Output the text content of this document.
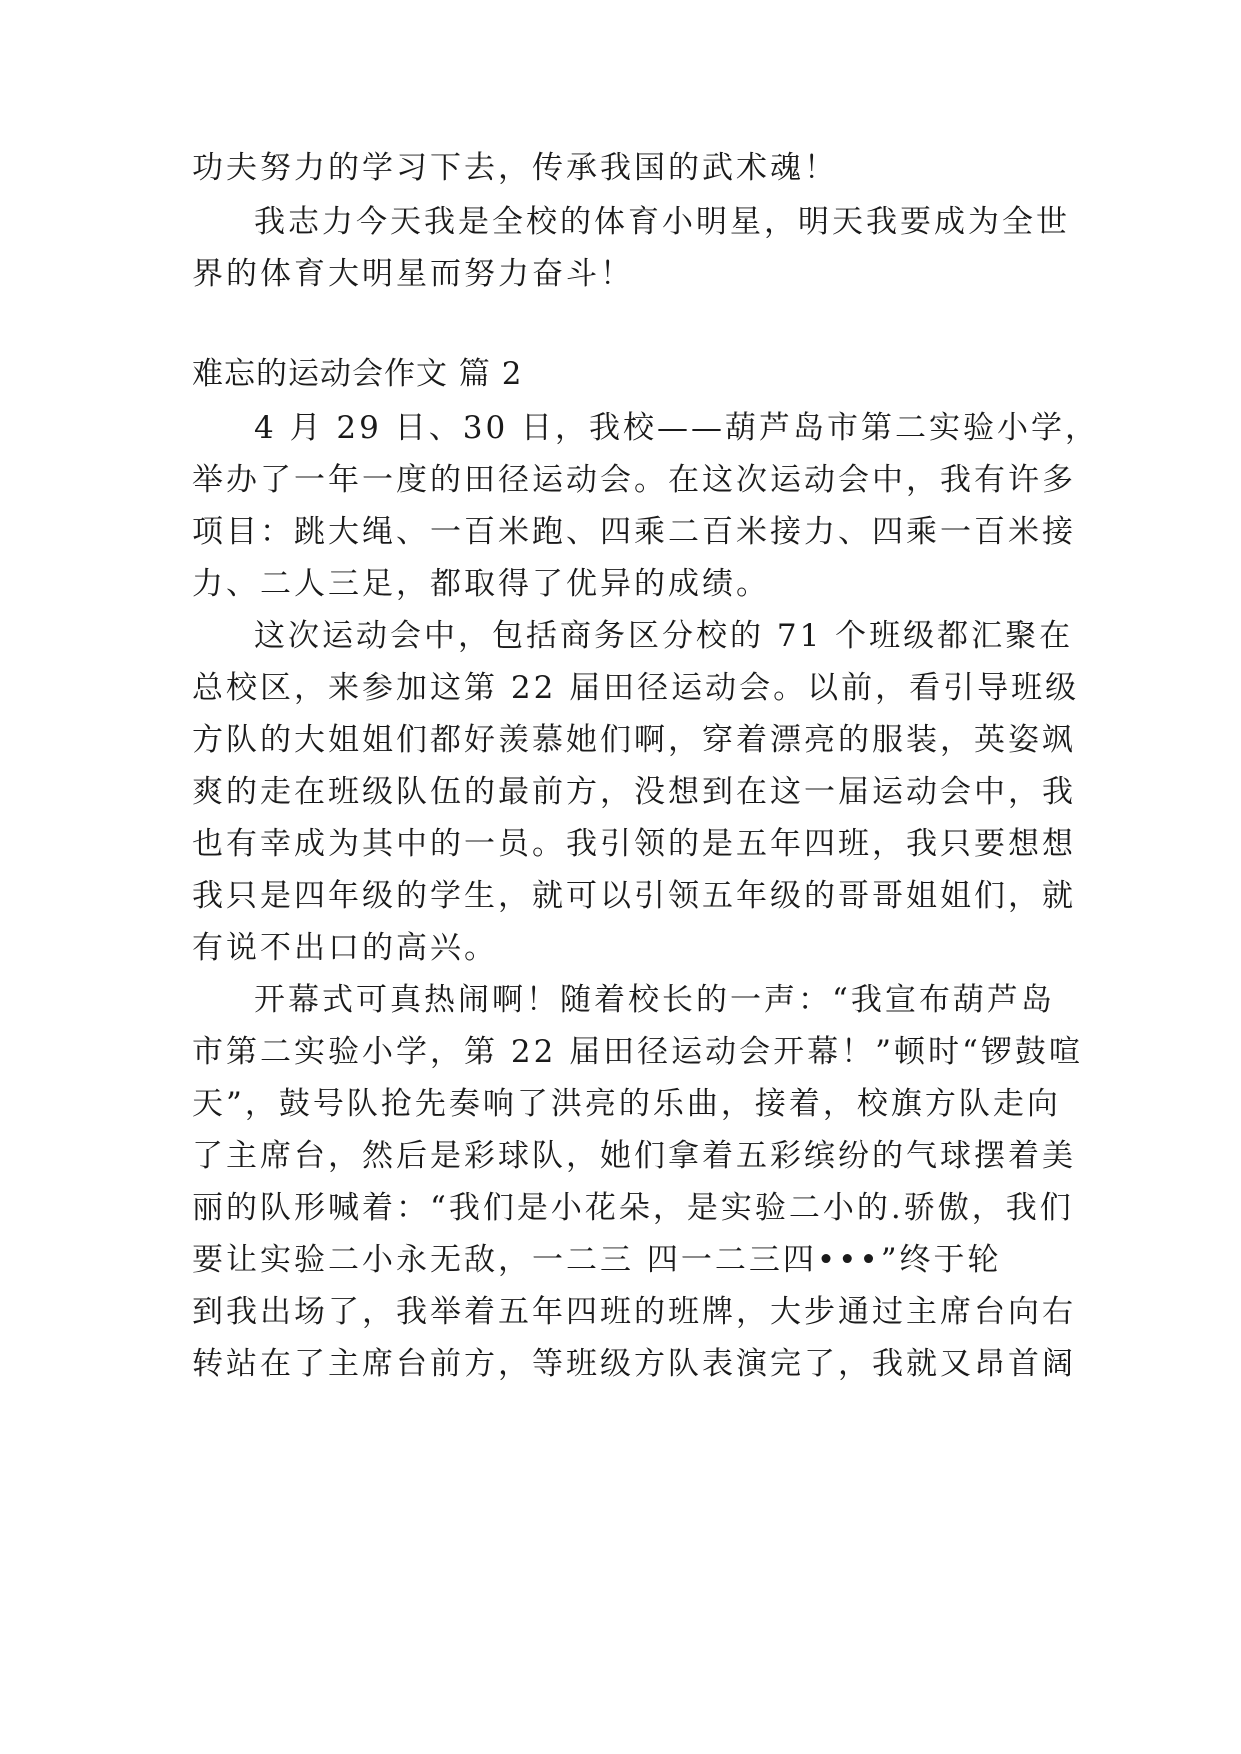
功夫努力的学习下去，传承我国的武术魂！
我志力今天我是全校的体育小明星，明天我要成为全世
界的体育大明星而努力奋斗！
难忘的运动会作文 篇 2
4 月 29 日、30 日，我校——葫芦岛市第二实验小学，
举办了一年一度的田径运动会。在这次运动会中，我有许多
项目：跳大绳、一百米跑、四乘二百米接力、四乘一百米接
力、二人三足，都取得了优异的成绩。
这次运动会中，包括商务区分校的 71 个班级都汇聚在
总校区，来参加这第 22 届田径运动会。以前，看引导班级
方队的大姐姐们都好羡慕她们啊，穿着漂亮的服装，英姿飒
爽的走在班级队伍的最前方，没想到在这一届运动会中，我
也有幸成为其中的一员。我引领的是五年四班，我只要想想
我只是四年级的学生，就可以引领五年级的哥哥姐姐们，就
有说不出口的高兴。
开幕式可真热闹啊！随着校长的一声：“我宣布葫芦岛
市第二实验小学，第 22 届田径运动会开幕！”顿时“锣鼓喧
天”，鼓号队抢先奏响了洪亮的乐曲，接着，校旗方队走向
了主席台，然后是彩球队，她们拿着五彩缤纷的气球摆着美
丽的队形喊着：“我们是小花朵，是实验二小的.骄傲，我们
要让实验二小永无敌，一二三 四一二三四•••”终于轮
到我出场了，我举着五年四班的班牌，大步通过主席台向右
转站在了主席台前方，等班级方队表演完了，我就又昂首阔
